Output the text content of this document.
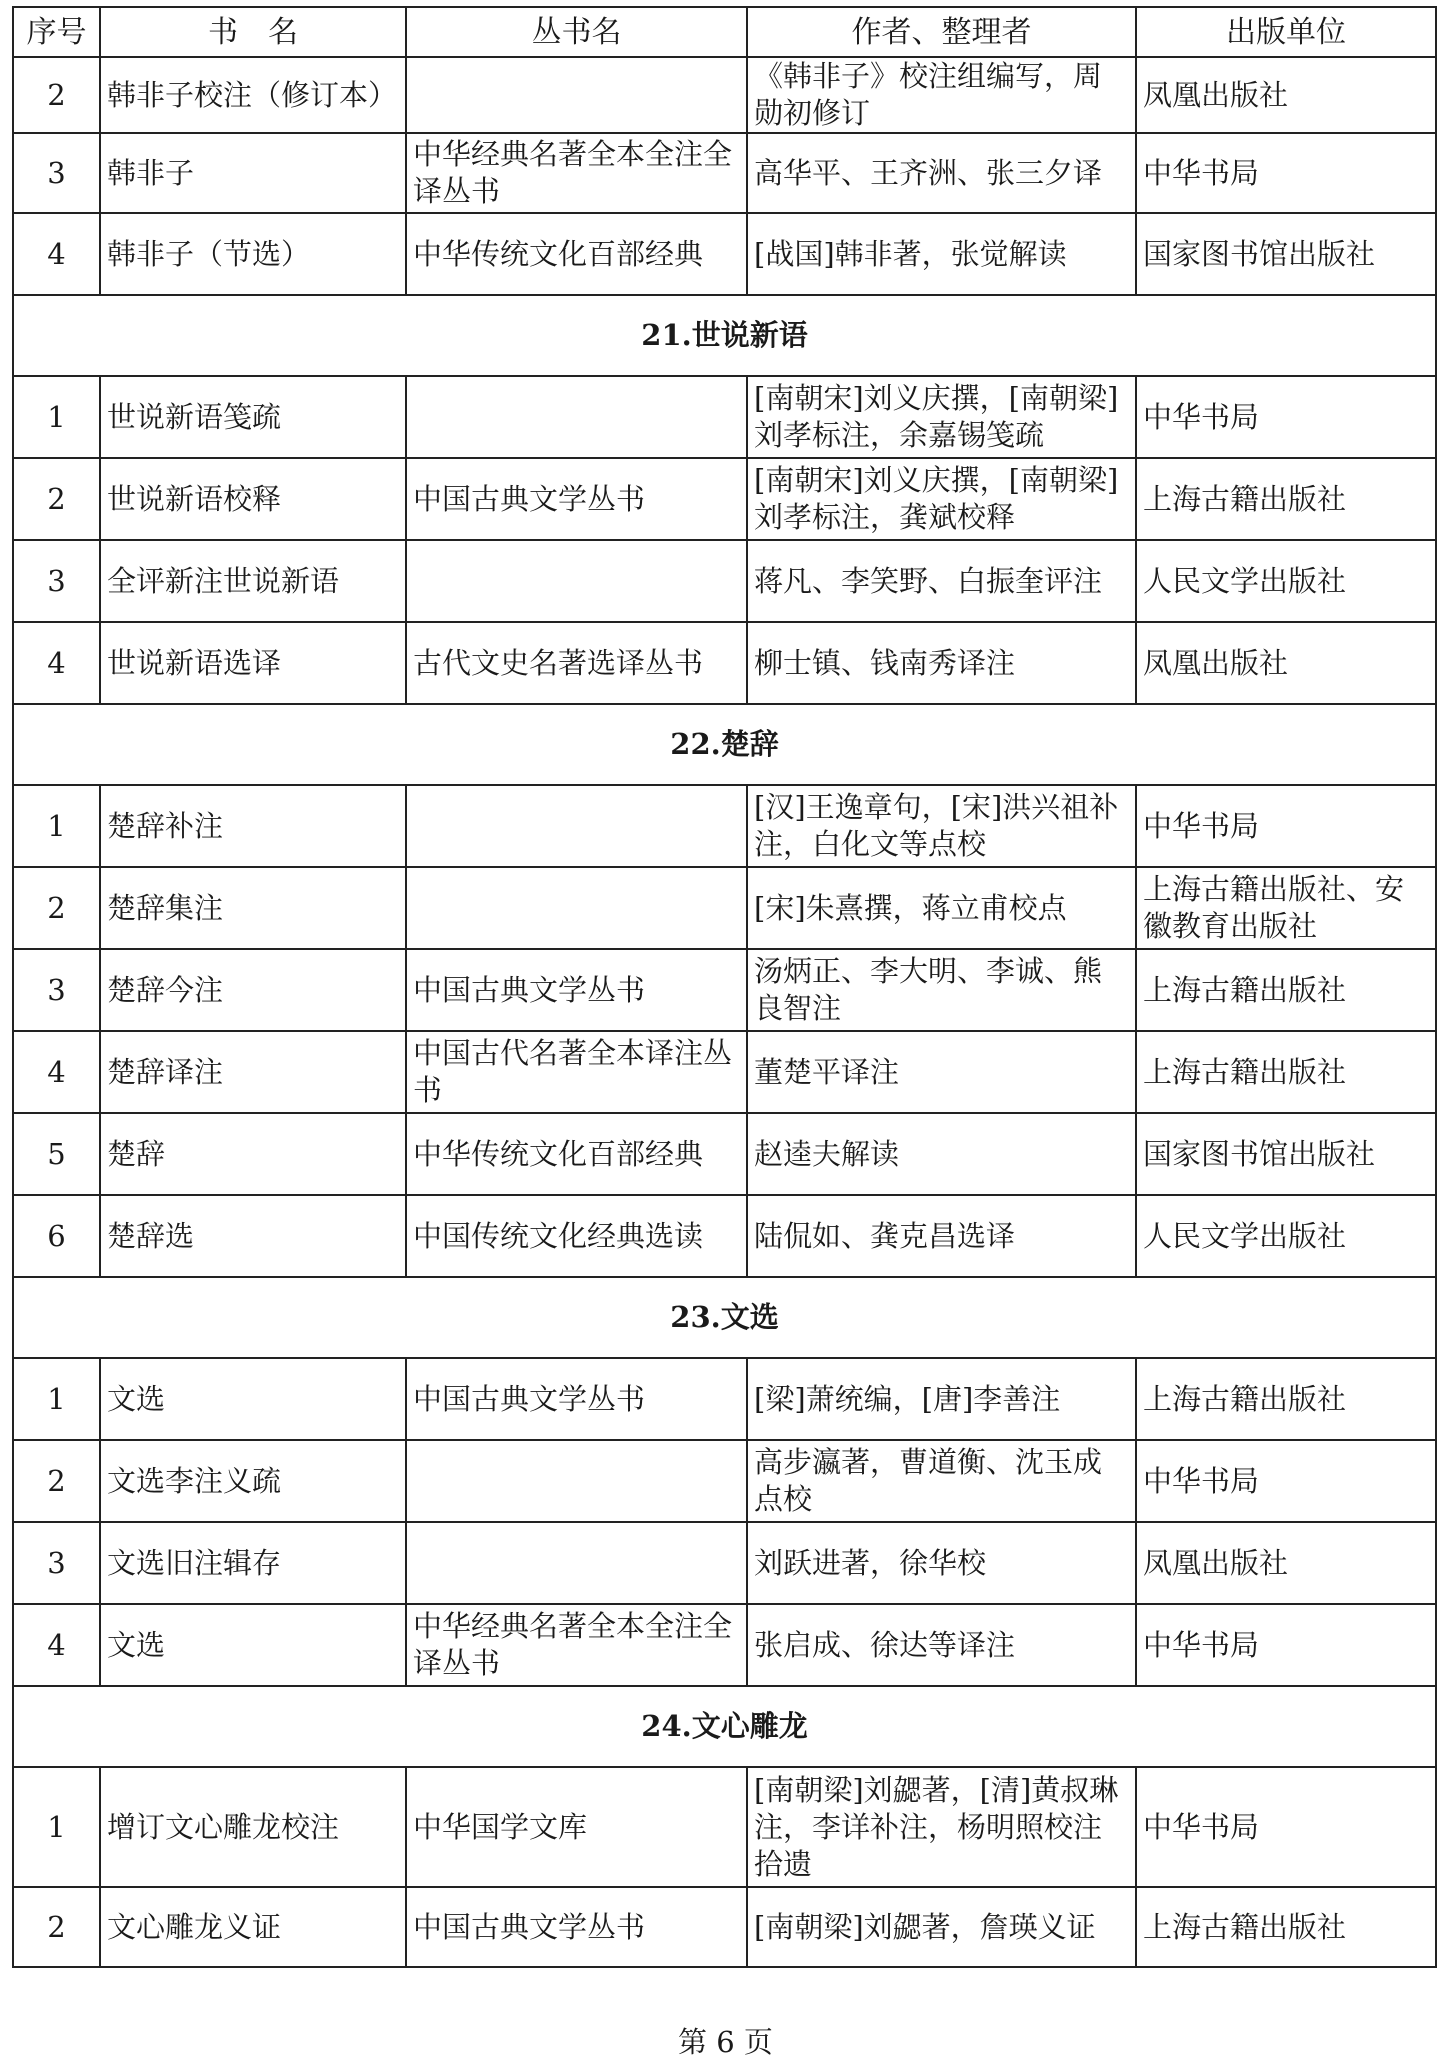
序号	书　名	丛书名	作者、整理者	出版单位
2	韩非子校注（修订本）		《韩非子》校注组编写，周勋初修订	凤凰出版社
3	韩非子	中华经典名著全本全注全译丛书	高华平、王齐洲、张三夕译	中华书局
4	韩非子（节选）	中华传统文化百部经典	[战国]韩非著，张觉解读	国家图书馆出版社
21.世说新语				
1	世说新语笺疏		[南朝宋]刘义庆撰，[南朝梁]刘孝标注，余嘉锡笺疏	中华书局
2	世说新语校释	中国古典文学丛书	[南朝宋]刘义庆撰，[南朝梁]刘孝标注，龚斌校释	上海古籍出版社
3	全评新注世说新语		蒋凡、李笑野、白振奎评注	人民文学出版社
4	世说新语选译	古代文史名著选译丛书	柳士镇、钱南秀译注	凤凰出版社
22.楚辞				
1	楚辞补注		[汉]王逸章句，[宋]洪兴祖补注，白化文等点校	中华书局
2	楚辞集注		[宋]朱熹撰，蒋立甫校点	上海古籍出版社、安徽教育出版社
3	楚辞今注	中国古典文学丛书	汤炳正、李大明、李诚、熊良智注	上海古籍出版社
4	楚辞译注	中国古代名著全本译注丛书	董楚平译注	上海古籍出版社
5	楚辞	中华传统文化百部经典	赵逵夫解读	国家图书馆出版社
6	楚辞选	中国传统文化经典选读	陆侃如、龚克昌选译	人民文学出版社
23.文选				
1	文选	中国古典文学丛书	[梁]萧统编，[唐]李善注	上海古籍出版社
2	文选李注义疏		高步瀛著，曹道衡、沈玉成点校	中华书局
3	文选旧注辑存		刘跃进著，徐华校	凤凰出版社
4	文选	中华经典名著全本全注全译丛书	张启成、徐达等译注	中华书局
24.文心雕龙				
1	增订文心雕龙校注	中华国学文库	[南朝梁]刘勰著，[清]黄叔琳注，李详补注，杨明照校注拾遗	中华书局
2	文心雕龙义证	中国古典文学丛书	[南朝梁]刘勰著，詹瑛义证	上海古籍出版社
第 6 页
